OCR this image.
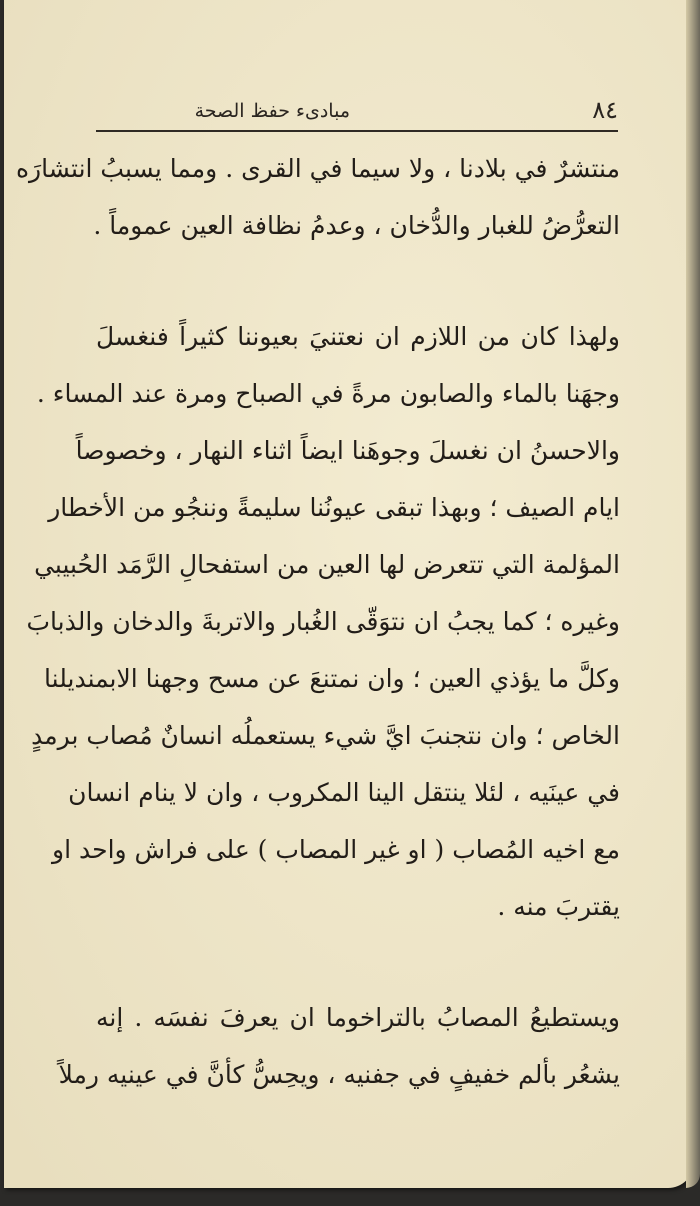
٨٤
مبادیء حفظ الصحة
منتشرٌ في بلادنا ، ولا سيما في القرى . ومما يسببُ انتشارَه
التعرُّضُ للغبار والدُّخان ، وعدمُ نظافة العين عموماً .
ولهذا كان من اللازم ان نعتنيَ بعيوننا كثيراً فنغسلَ
وجهَنا بالماء والصابون مرةً في الصباح ومرة عند المساء .
والاحسنُ ان نغسلَ وجوهَنا ايضاً اثناء النهار ، وخصوصاً
ايام الصيف ؛ وبهذا تبقى عيونُنا سليمةً وننجُو من الأخطار
المؤلمة التي تتعرض لها العين من استفحالِ الرَّمَد الحُبيبي
وغيره ؛ كما يجبُ ان نتوَقّى الغُبار والاتربةَ والدخان والذبابَ
وكلَّ ما يؤذي العين ؛ وان نمتنعَ عن مسح وجهنا الابمنديلنا
الخاص ؛ وان نتجنبَ ايَّ شيء يستعملُه انسانٌ مُصاب برمدٍ
في عينَيه ، لئلا ينتقل الينا المكروب ، وان لا ينام انسان
مع اخيه المُصاب ( او غير المصاب ) على فراش واحد او
يقتربَ منه .
ويستطيعُ المصابُ بالتراخوما ان يعرفَ نفسَه . إنه
يشعُر بألم خفيفٍ في جفنيه ، ويحِسُّ كأنَّ في عينيه رملاً
